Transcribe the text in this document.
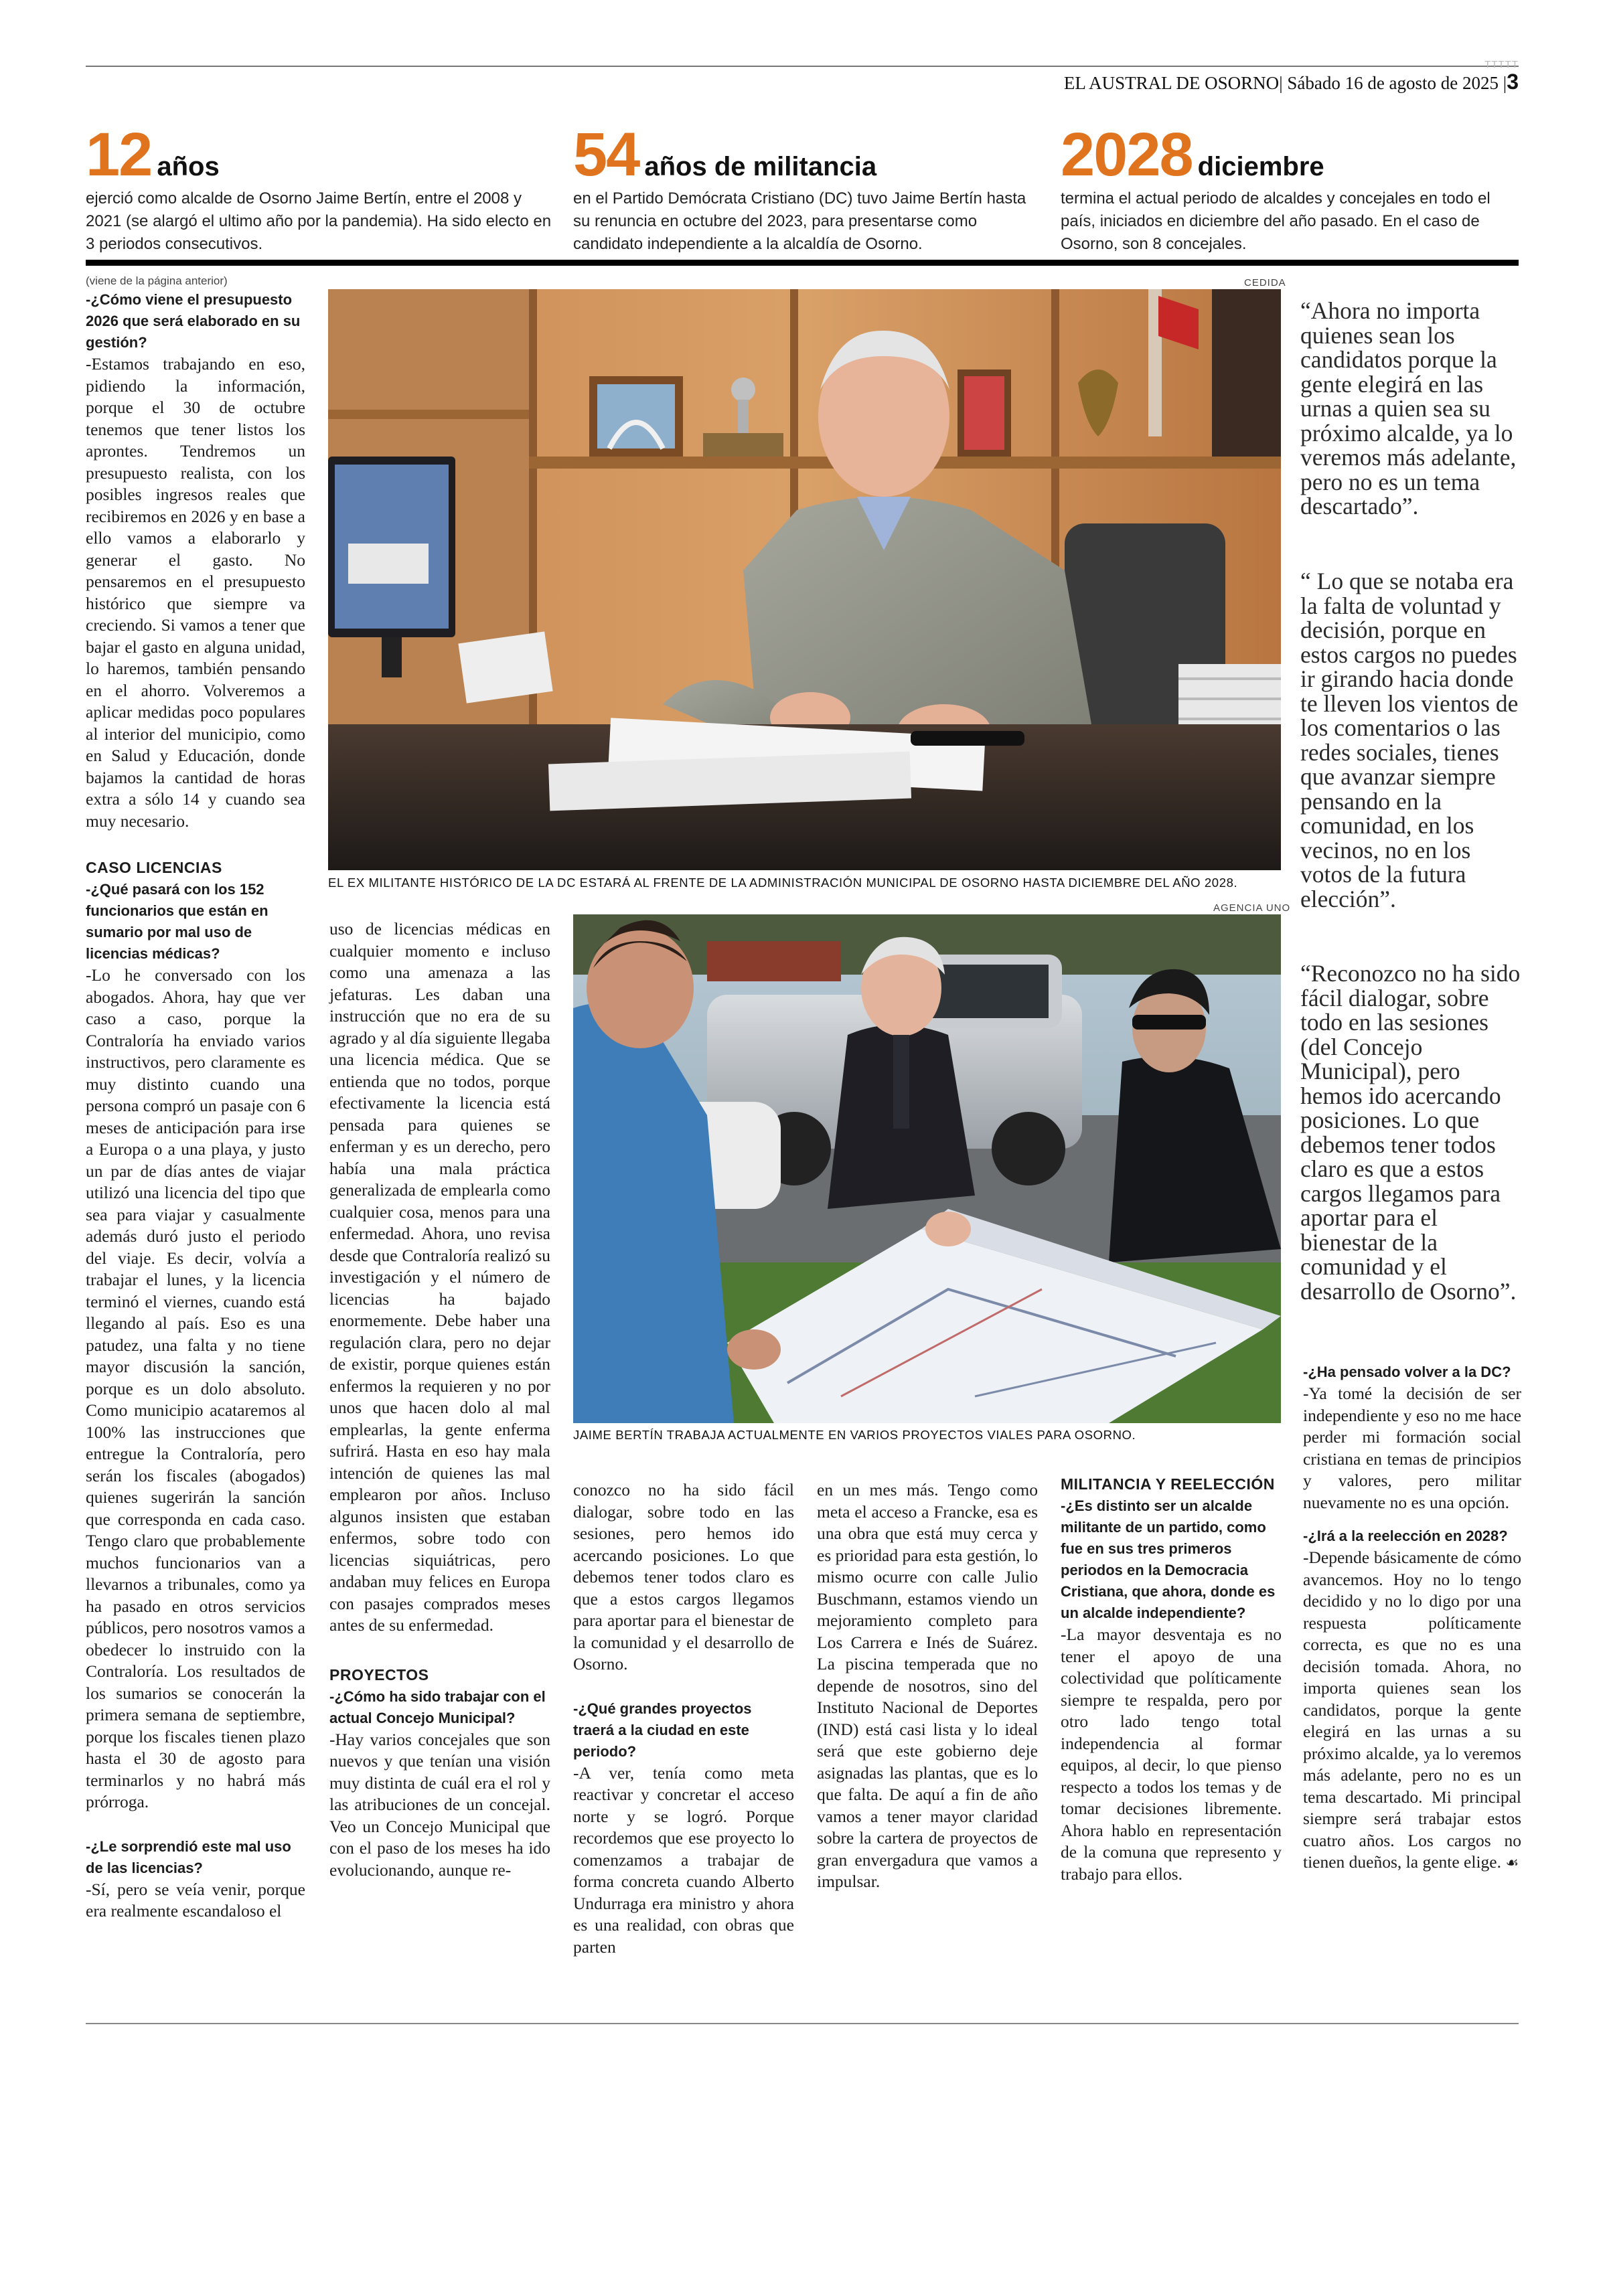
TTTTT
EL AUSTRAL DE OSORNO| Sábado 16 de agosto de 2025 |3
12 años
ejerció como alcalde de Osorno Jaime Bertín, entre el 2008 y 2021 (se alargó el ultimo año por la pandemia). Ha sido electo en 3 periodos consecutivos.
54 años de militancia
en el Partido Demócrata Cristiano (DC) tuvo Jaime Bertín hasta su renuncia en octubre del 2023, para presentarse como candidato independiente a la alcaldía de Osorno.
2028 diciembre
termina el actual periodo de alcaldes y concejales en todo el país, iniciados en diciembre del año pasado. En el caso de Osorno, son 8 concejales.
(viene de la página anterior)

-¿Cómo viene el presupuesto 2026 que será elaborado en su gestión?

-Estamos trabajando en eso, pidiendo la información, porque el 30 de octubre tenemos que tener listos los aprontes. Tendremos un presupuesto realista, con los posibles ingresos reales que recibiremos en 2026 y en base a ello vamos a elaborarlo y generar el gasto. No pensaremos en el presupuesto histórico que siempre va creciendo. Si vamos a tener que bajar el gasto en alguna unidad, lo haremos, también pensando en el ahorro. Volveremos a aplicar medidas poco populares al interior del municipio, como en Salud y Educación, donde bajamos la cantidad de horas extra a sólo 14 y cuando sea muy necesario.

CASO LICENCIAS

-¿Qué pasará con los 152 funcionarios que están en sumario por mal uso de licencias médicas?

-Lo he conversado con los abogados. Ahora, hay que ver caso a caso, porque la Contraloría ha enviado varios instructivos, pero claramente es muy distinto cuando una persona compró un pasaje con 6 meses de anticipación para irse a Europa o a una playa, y justo un par de días antes de viajar utilizó una licencia del tipo que sea para viajar y casualmente además duró justo el periodo del viaje. Es decir, volvía a trabajar el lunes, y la licencia terminó el viernes, cuando está llegando al país. Eso es una patudez, una falta y no tiene mayor discusión la sanción, porque es un dolo absoluto. Como municipio acataremos al 100% las instrucciones que entregue la Contraloría, pero serán los fiscales (abogados) quienes sugerirán la sanción que corresponda en cada caso. Tengo claro que probablemente muchos funcionarios van a llevarnos a tribunales, como ya ha pasado en otros servicios públicos, pero nosotros vamos a obedecer lo instruido con la Contraloría. Los resultados de los sumarios se conocerán la primera semana de septiembre, porque los fiscales tienen plazo hasta el 30 de agosto para terminarlos y no habrá más prórroga.

-¿Le sorprendió este mal uso de las licencias?

-Sí, pero se veía venir, porque era realmente escandaloso el

CEDIDA
EL EX MILITANTE HISTÓRICO DE LA DC ESTARÁ AL FRENTE DE LA ADMINISTRACIÓN MUNICIPAL DE OSORNO HASTA DICIEMBRE DEL AÑO 2028.
AGENCIA UNO
JAIME BERTÍN TRABAJA ACTUALMENTE EN VARIOS PROYECTOS VIALES PARA OSORNO.

uso de licencias médicas en cualquier momento e incluso como una amenaza a las jefaturas. Les daban una instrucción que no era de su agrado y al día siguiente llegaba una licencia médica. Que se entienda que no todos, porque efectivamente la licencia está pensada para quienes se enferman y es un derecho, pero había una mala práctica generalizada de emplearla como cualquier cosa, menos para una enfermedad. Ahora, uno revisa desde que Contraloría realizó su investigación y el número de licencias ha bajado enormemente. Debe haber una regulación clara, pero no dejar de existir, porque quienes están enfermos la requieren y no por unos que hacen dolo al mal emplearlas, la gente enferma sufrirá. Hasta en eso hay mala intención de quienes las mal emplearon por años. Incluso algunos insisten que estaban enfermos, sobre todo con licencias siquiátricas, pero andaban muy felices en Europa con pasajes comprados meses antes de su enfermedad.

PROYECTOS

-¿Cómo ha sido trabajar con el actual Concejo Municipal?

-Hay varios concejales que son nuevos y que tenían una visión muy distinta de cuál era el rol y las atribuciones de un concejal. Veo un Concejo Municipal que con el paso de los meses ha ido evolucionando, aunque re-

conozco no ha sido fácil dialogar, sobre todo en las sesiones, pero hemos ido acercando posiciones. Lo que debemos tener todos claro es que a estos cargos llegamos para aportar para el bienestar de la comunidad y el desarrollo de Osorno.

-¿Qué grandes proyectos traerá a la ciudad en este periodo?

-A ver, tenía como meta reactivar y concretar el acceso norte y se logró. Porque recordemos que ese proyecto lo comenzamos a trabajar de forma concreta cuando Alberto Undurraga era ministro y ahora es una realidad, con obras que parten

en un mes más. Tengo como meta el acceso a Francke, esa es una obra que está muy cerca y es prioridad para esta gestión, lo mismo ocurre con calle Julio Buschmann, estamos viendo un mejoramiento completo para Los Carrera e Inés de Suárez. La piscina temperada que no depende de nosotros, sino del Instituto Nacional de Deportes (IND) está casi lista y lo ideal será que este gobierno deje asignadas las plantas, que es lo que falta. De aquí a fin de año vamos a tener mayor claridad sobre la cartera de proyectos de gran envergadura que vamos a impulsar.

MILITANCIA Y REELECCIÓN

-¿Es distinto ser un alcalde militante de un partido, como fue en sus tres primeros periodos en la Democracia Cristiana, que ahora, donde es un alcalde independiente?

-La mayor desventaja es no tener el apoyo de una colectividad que políticamente siempre te respalda, pero por otro lado tengo total independencia al formar equipos, al decir, lo que pienso respecto a todos los temas y de tomar decisiones libremente. Ahora hablo en representación de la comuna que represento y trabajo para ellos.

“Ahora no importa quienes sean los candidatos porque la gente elegirá en las urnas a quien sea su próximo alcalde, ya lo veremos más adelante, pero no es un tema descartado”.
“ Lo que se notaba era la falta de voluntad y decisión, porque en estos cargos no puedes ir girando hacia donde te lleven los vientos de los comentarios o las redes sociales, tienes que avanzar siempre pensando en la comunidad, en los vecinos, no en los votos de la futura elección”.
“Reconozco no ha sido fácil dialogar, sobre todo en las sesiones (del Concejo Municipal), pero hemos ido acercando posiciones. Lo que debemos tener todos claro es que a estos cargos llegamos para aportar para el bienestar de la comunidad y el desarrollo de Osorno”.

-¿Ha pensado volver a la DC?

-Ya tomé la decisión de ser independiente y eso no me hace perder mi formación social cristiana en temas de principios y valores, pero militar nuevamente no es una opción.

-¿Irá a la reelección en 2028?

-Depende básicamente de cómo avancemos. Hoy no lo tengo decidido y no lo digo por una respuesta políticamente correcta, es que no es una decisión tomada. Ahora, no importa quienes sean los candidatos, porque la gente elegirá en las urnas a su próximo alcalde, ya lo veremos más adelante, pero no es un tema descartado. Mi principal siempre será trabajar estos cuatro años. Los cargos no tienen dueños, la gente elige. ☙
